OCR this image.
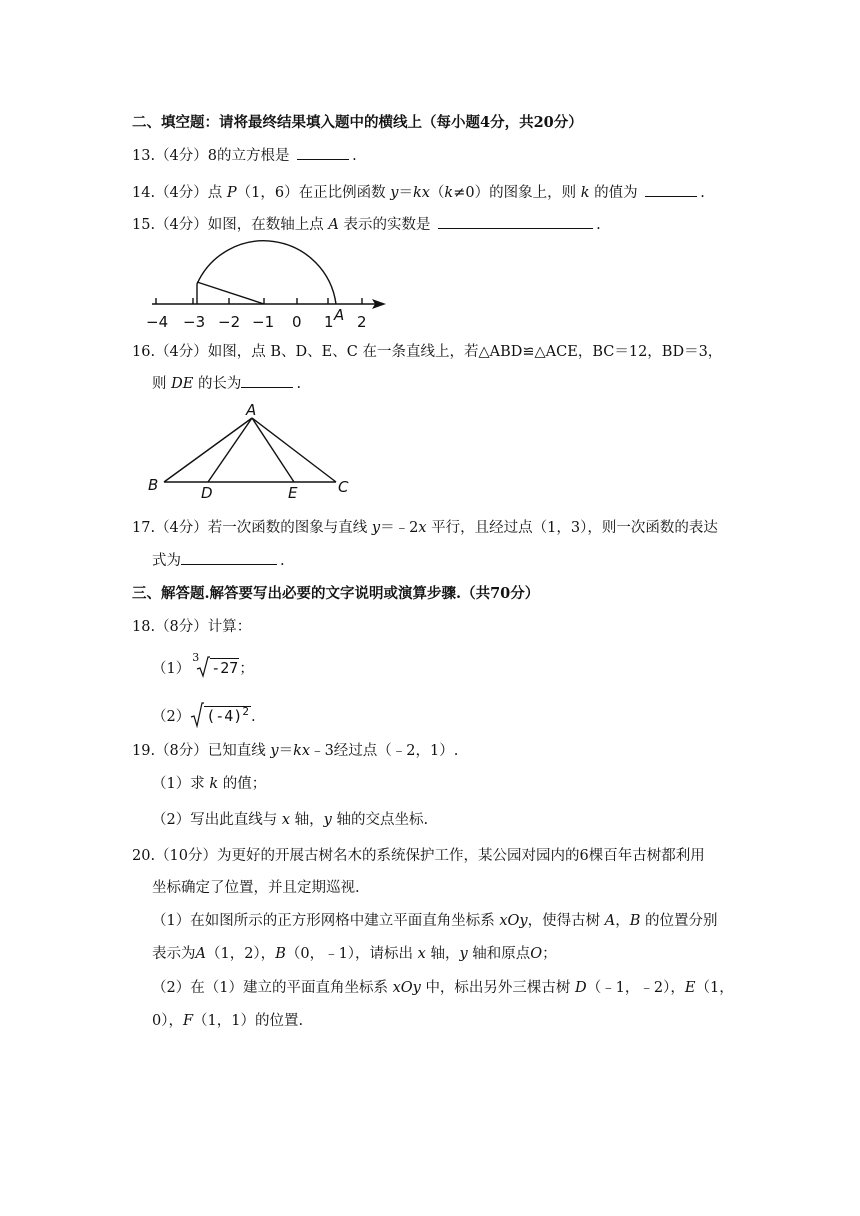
二、填空题：请将最终结果填入题中的横线上（每小题4分，共20分）
13.（4分）8的立方根是	.
14.（4分）点 P（1，6）在正比例函数 y＝kx（k≠0）的图象上，则 k 的值为	.
15.（4分）如图，在数轴上点 A 表示的实数是	.
−4 −3 −2 −1 0 1 2
A
16.（4分）如图，点 B、D、E、C 在一条直线上，若△ABD≌△ACE，BC＝12，BD＝3，
则 DE 的长为	.
A
B	D	E	C
17.（4分）若一次函数的图象与直线 y＝﹣2x 平行，且经过点（1，3），则一次函数的表达
式为	.
三、解答题.解答要写出必要的文字说明或演算步骤.（共70分）
18.（8分）计算：
（1）
3
-27；
（2） $(-4)^2$ .
19.（8分）已知直线 y＝kx﹣3经过点（﹣2，1）.
（1）求 k 的值；
（2）写出此直线与 x 轴，y 轴的交点坐标.
20.（10分）为更好的开展古树名木的系统保护工作，某公园对园内的6棵百年古树都利用
坐标确定了位置，并且定期巡视.
（1）在如图所示的正方形网格中建立平面直角坐标系 xOy，使得古树 A，B 的位置分别
表示为A（1，2），B（0，﹣1），请标出 x 轴，y 轴和原点O；
（2）在（1）建立的平面直角坐标系 xOy 中，标出另外三棵古树 D（﹣1，﹣2），E（1，
0），F（1，1）的位置.
